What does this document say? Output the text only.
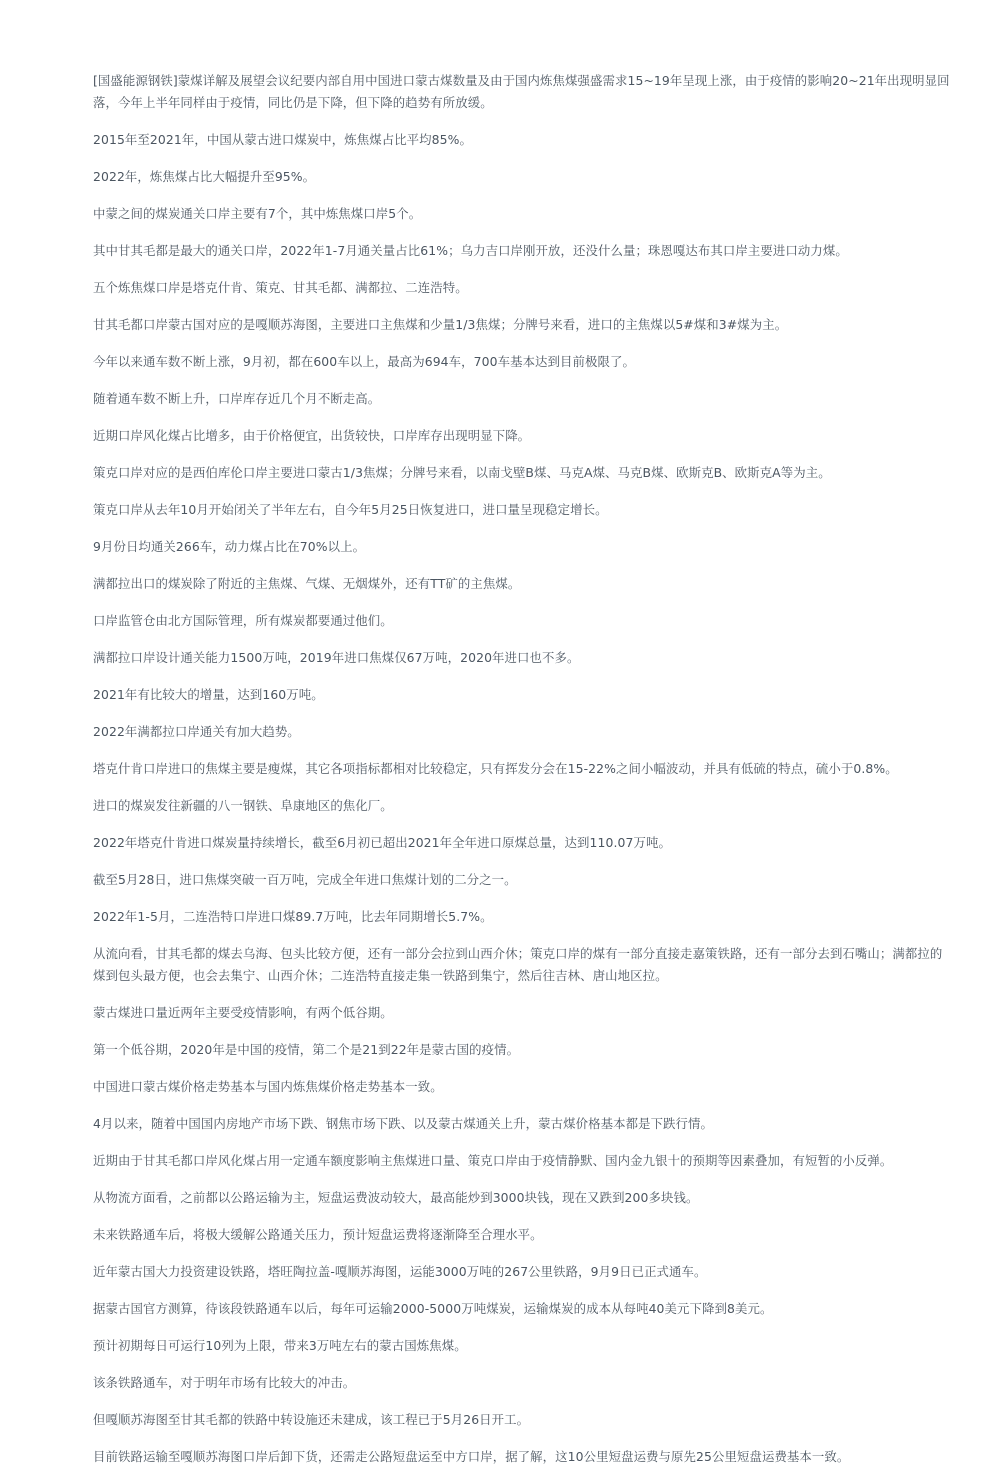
[国盛能源钢铁]蒙煤详解及展望会议纪要内部自用中国进口蒙古煤数量及由于国内炼焦煤强盛需求15~19年呈现上涨，由于疫情的影响20~21年出现明显回落，今年上半年同样由于疫情，同比仍是下降，但下降的趋势有所放缓。

2015年至2021年，中国从蒙古进口煤炭中，炼焦煤占比平均85%。

2022年，炼焦煤占比大幅提升至95%。

中蒙之间的煤炭通关口岸主要有7个，其中炼焦煤口岸5个。

其中甘其毛都是最大的通关口岸，2022年1-7月通关量占比61%；乌力吉口岸刚开放，还没什么量；珠恩嘎达布其口岸主要进口动力煤。

五个炼焦煤口岸是塔克什肯、策克、甘其毛都、满都拉、二连浩特。

甘其毛都口岸蒙古国对应的是嘎顺苏海图，主要进口主焦煤和少量1/3焦煤；分牌号来看，进口的主焦煤以5#煤和3#煤为主。

今年以来通车数不断上涨，9月初，都在600车以上，最高为694车，700车基本达到目前极限了。

随着通车数不断上升，口岸库存近几个月不断走高。

近期口岸风化煤占比增多，由于价格便宜，出货较快，口岸库存出现明显下降。

策克口岸对应的是西伯库伦口岸主要进口蒙古1/3焦煤；分牌号来看，以南戈壁B煤、马克A煤、马克B煤、欧斯克B、欧斯克A等为主。

策克口岸从去年10月开始闭关了半年左右，自今年5月25日恢复进口，进口量呈现稳定增长。

9月份日均通关266车，动力煤占比在70%以上。

满都拉出口的煤炭除了附近的主焦煤、气煤、无烟煤外，还有TT矿的主焦煤。

口岸监管仓由北方国际管理，所有煤炭都要通过他们。

满都拉口岸设计通关能力1500万吨，2019年进口焦煤仅67万吨，2020年进口也不多。

2021年有比较大的增量，达到160万吨。

2022年满都拉口岸通关有加大趋势。

塔克什肯口岸进口的焦煤主要是瘦煤，其它各项指标都相对比较稳定，只有挥发分会在15-22%之间小幅波动，并具有低硫的特点，硫小于0.8%。

进口的煤炭发往新疆的八一钢铁、阜康地区的焦化厂。

2022年塔克什肯进口煤炭量持续增长，截至6月初已超出2021年全年进口原煤总量，达到110.07万吨。

截至5月28日，进口焦煤突破一百万吨，完成全年进口焦煤计划的二分之一。

2022年1-5月，二连浩特口岸进口煤89.7万吨，比去年同期增长5.7%。

从流向看，甘其毛都的煤去乌海、包头比较方便，还有一部分会拉到山西介休；策克口岸的煤有一部分直接走嘉策铁路，还有一部分去到石嘴山；满都拉的煤到包头最方便，也会去集宁、山西介休；二连浩特直接走集一铁路到集宁，然后往吉林、唐山地区拉。

蒙古煤进口量近两年主要受疫情影响，有两个低谷期。

第一个低谷期，2020年是中国的疫情，第二个是21到22年是蒙古国的疫情。

中国进口蒙古煤价格走势基本与国内炼焦煤价格走势基本一致。

4月以来，随着中国国内房地产市场下跌、钢焦市场下跌、以及蒙古煤通关上升，蒙古煤价格基本都是下跌行情。

近期由于甘其毛都口岸风化煤占用一定通车额度影响主焦煤进口量、策克口岸由于疫情静默、国内金九银十的预期等因素叠加，有短暂的小反弹。

从物流方面看，之前都以公路运输为主，短盘运费波动较大，最高能炒到3000块钱，现在又跌到200多块钱。

未来铁路通车后，将极大缓解公路通关压力，预计短盘运费将逐渐降至合理水平。

近年蒙古国大力投资建设铁路，塔旺陶拉盖-嘎顺苏海图，运能3000万吨的267公里铁路，9月9日已正式通车。

据蒙古国官方测算，待该段铁路通车以后，每年可运输2000-5000万吨煤炭，运输煤炭的成本从每吨40美元下降到8美元。

预计初期每日可运行10列为上限，带来3万吨左右的蒙古国炼焦煤。

该条铁路通车，对于明年市场有比较大的冲击。

但嘎顺苏海图至甘其毛都的铁路中转设施还未建成，该工程已于5月26日开工。

目前铁路运输至嘎顺苏海图口岸后卸下货，还需走公路短盘运至中方口岸，据了解，这10公里短盘运费与原先25公里短盘运费基本一致。
